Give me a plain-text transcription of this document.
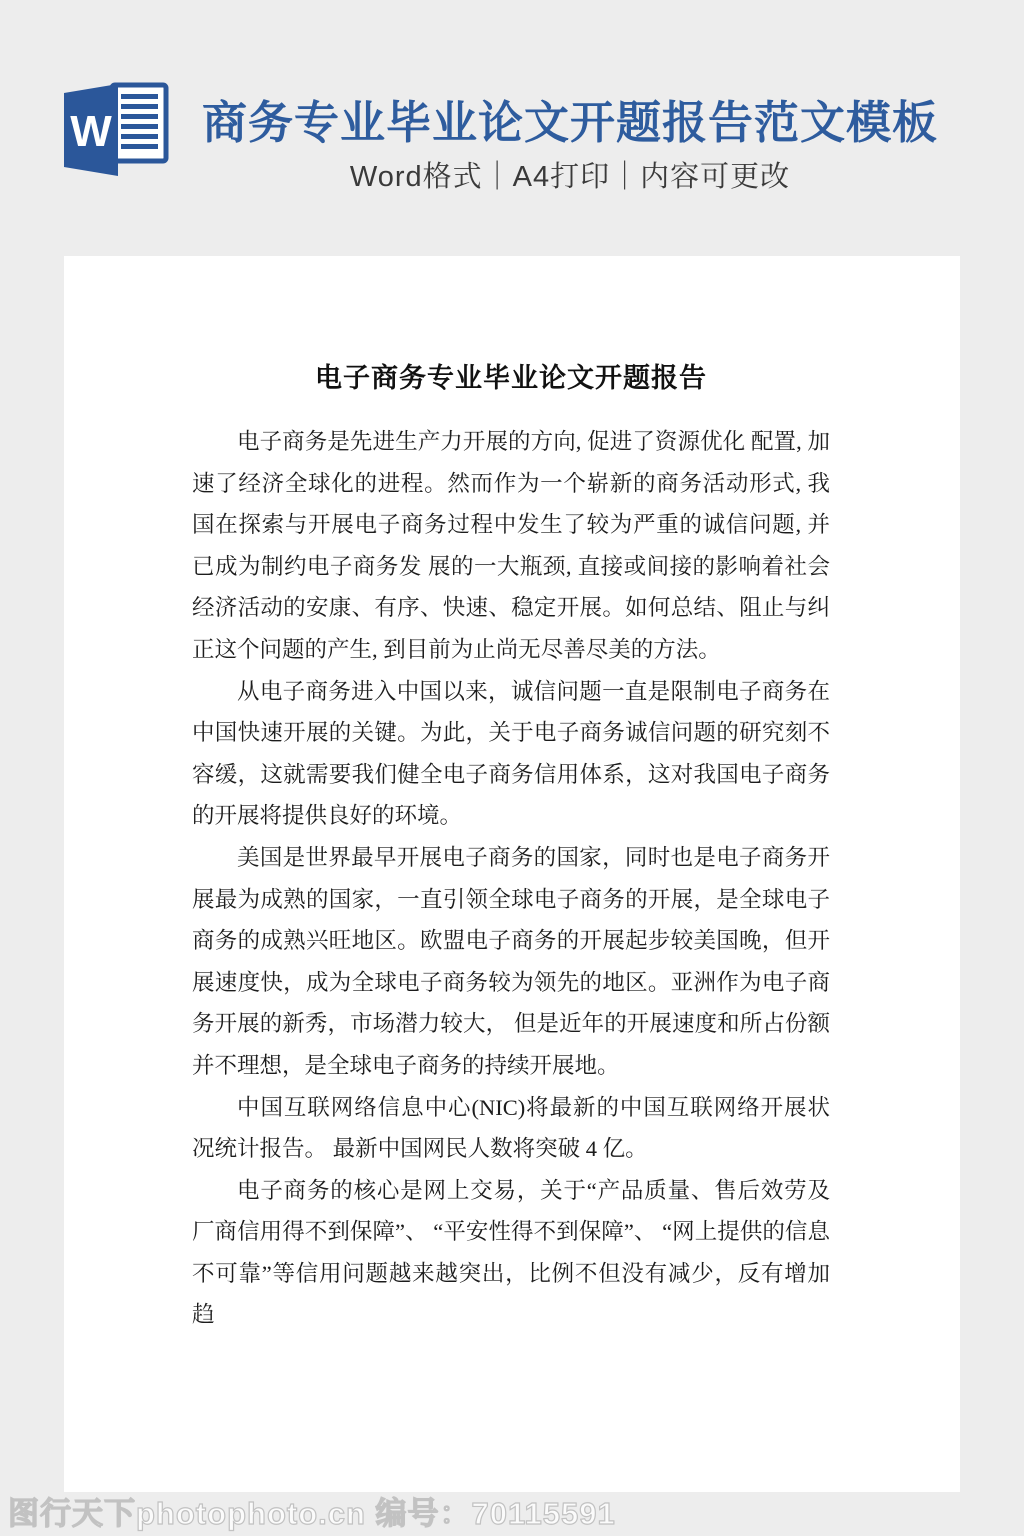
W	商务专业毕业论文开题报告范文模板
Word格式｜A4打印｜内容可更改
电子商务专业毕业论文开题报告

电子商务是先进生产力开展的方向, 促进了资源优化 配置, 加速了经济全球化的进程。然而作为一个崭新的商务活动形式, 我国在探索与开展电子商务过程中发生了较为严重的诚信问题, 并已成为制约电子商务发 展的一大瓶颈, 直接或间接的影响着社会经济活动的安康、有序、快速、稳定开展。如何总结、阻止与纠正这个问题的产生, 到目前为止尚无尽善尽美的方法。

从电子商务进入中国以来，诚信问题一直是限制电子商务在中国快速开展的关键。为此，关于电子商务诚信问题的研究刻不容缓，这就需要我们健全电子商务信用体系，这对我国电子商务的开展将提供良好的环境。

美国是世界最早开展电子商务的国家，同时也是电子商务开展最为成熟的国家，一直引领全球电子商务的开展，是全球电子商务的成熟兴旺地区。欧盟电子商务的开展起步较美国晚，但开展速度快，成为全球电子商务较为领先的地区。亚洲作为电子商务开展的新秀，市场潜力较大， 但是近年的开展速度和所占份额并不理想，是全球电子商务的持续开展地。

中国互联网络信息中心(NIC)将最新的中国互联网络开展状况统计报告。 最新中国网民人数将突破 4 亿。

电子商务的核心是网上交易，关于“产品质量、售后效劳及厂商信用得不到保障”、 “平安性得不到保障”、 “网上提供的信息不可靠”等信用问题越来越突出，比例不但没有减少，反有增加趋

图行天下photophoto.cn 编号：70115591
